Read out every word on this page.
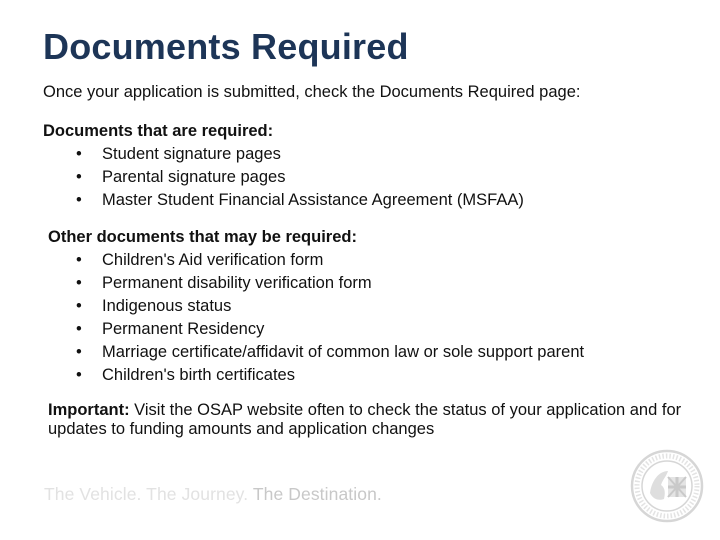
Documents Required
Once your application is submitted, check the Documents Required page:
Documents that are required:
• Student signature pages
• Parental signature pages
• Master Student Financial Assistance Agreement (MSFAA)
Other documents that may be required:
• Children's Aid verification form
• Permanent disability verification form
• Indigenous status
• Permanent Residency
• Marriage certificate/affidavit of common law or sole support parent
• Children's birth certificates
Important: Visit the OSAP website often to check the status of your application and for updates to funding amounts and application changes
The Vehicle. The Journey. The Destination.
